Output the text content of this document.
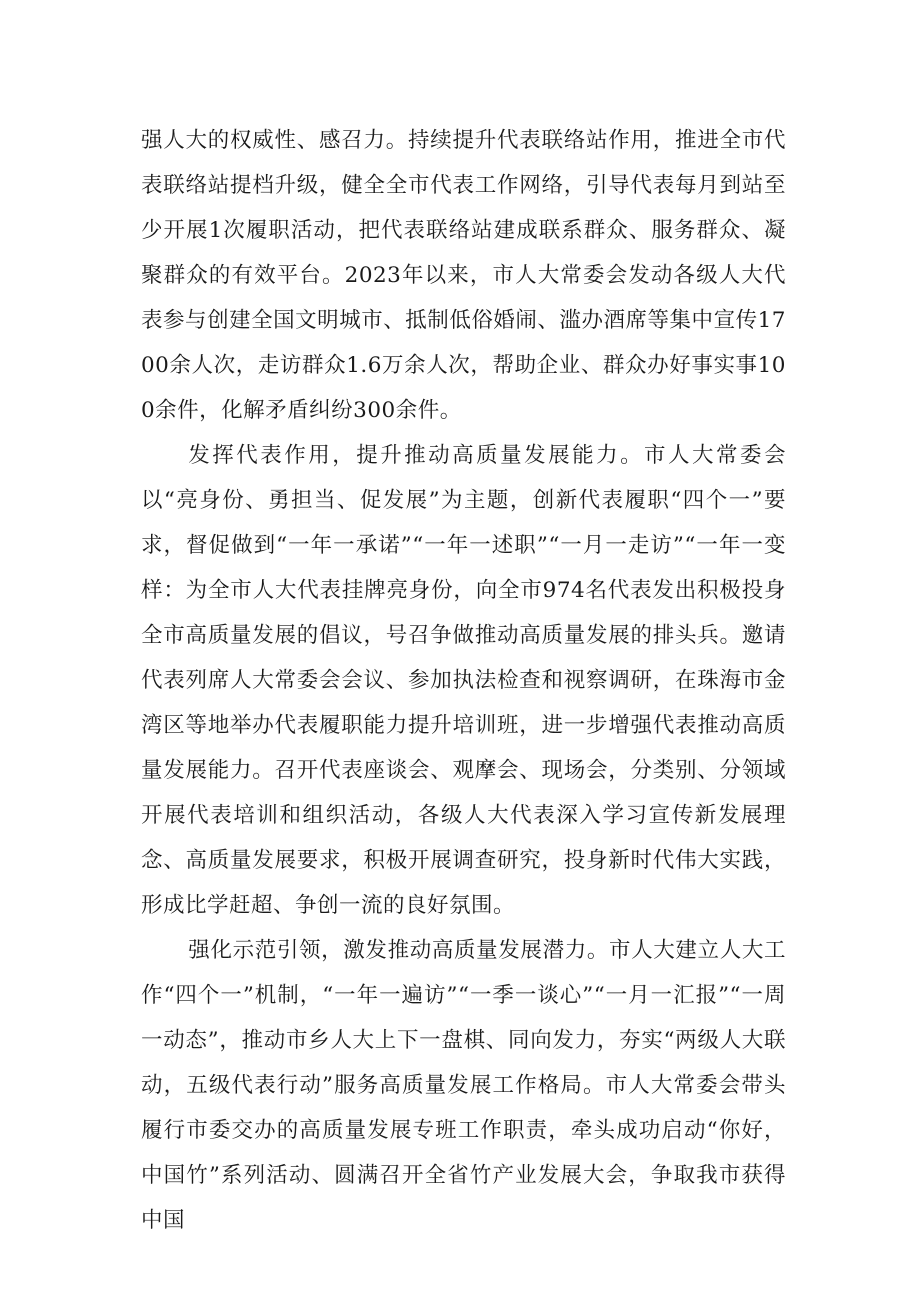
强人大的权威性、感召力。持续提升代表联络站作用，推进全市代表联络站提档升级，健全全市代表工作网络，引导代表每月到站至少开展1次履职活动，把代表联络站建成联系群众、服务群众、凝聚群众的有效平台。2023年以来，市人大常委会发动各级人大代表参与创建全国文明城市、抵制低俗婚闹、滥办酒席等集中宣传1700余人次，走访群众1.6万余人次，帮助企业、群众办好事实事100余件，化解矛盾纠纷300余件。

发挥代表作用，提升推动高质量发展能力。市人大常委会以“亮身份、勇担当、促发展”为主题，创新代表履职“四个一”要求，督促做到“一年一承诺”“一年一述职”“一月一走访”“一年一变样：为全市人大代表挂牌亮身份，向全市974名代表发出积极投身全市高质量发展的倡议，号召争做推动高质量发展的排头兵。邀请代表列席人大常委会会议、参加执法检查和视察调研，在珠海市金湾区等地举办代表履职能力提升培训班，进一步增强代表推动高质量发展能力。召开代表座谈会、观摩会、现场会，分类别、分领域开展代表培训和组织活动，各级人大代表深入学习宣传新发展理念、高质量发展要求，积极开展调查研究，投身新时代伟大实践，形成比学赶超、争创一流的良好氛围。

强化示范引领，激发推动高质量发展潜力。市人大建立人大工作“四个一”机制，“一年一遍访”“一季一谈心”“一月一汇报”“一周一动态”，推动市乡人大上下一盘棋、同向发力，夯实“两级人大联动，五级代表行动”服务高质量发展工作格局。市人大常委会带头履行市委交办的高质量发展专班工作职责，牵头成功启动“你好，中国竹”系列活动、圆满召开全省竹产业发展大会，争取我市获得中国
